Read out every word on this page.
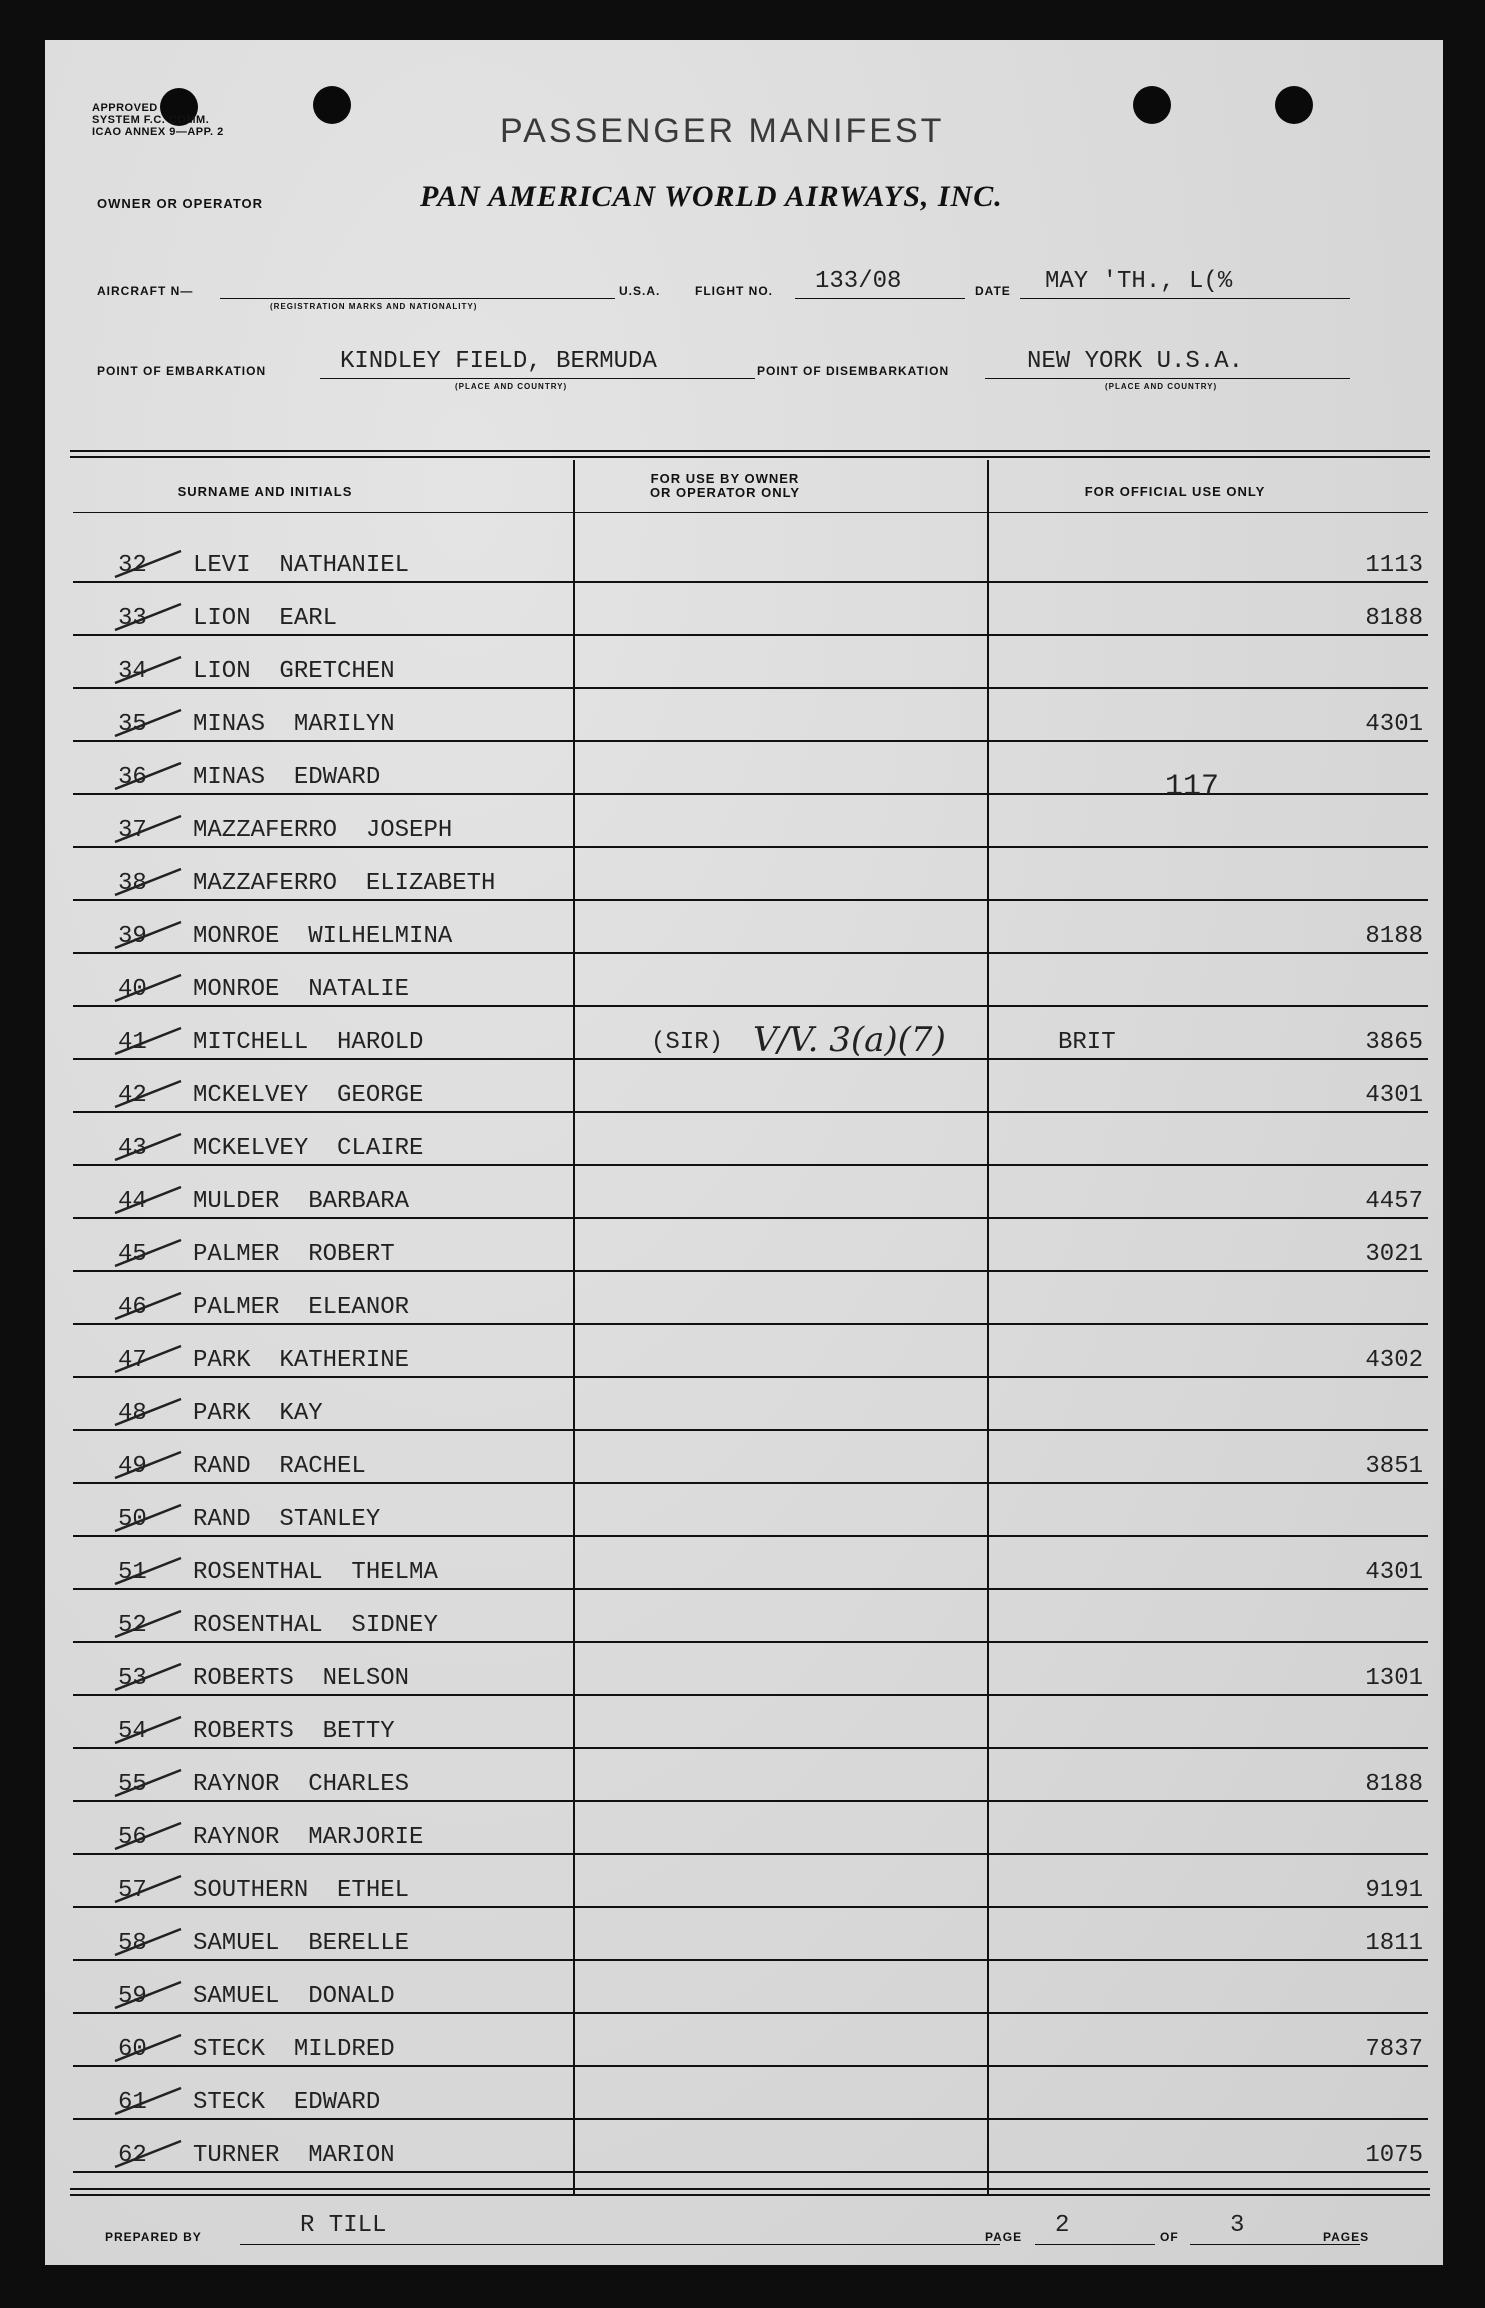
APPROVED
SYSTEM F.C. COMM.
ICAO ANNEX 9—APP. 2	PASSENGER MANIFEST
OWNER OR OPERATOR	PAN AMERICAN WORLD AIRWAYS, INC.
AIRCRAFT N—
(REGISTRATION MARKS AND NATIONALITY)
U.S.A.	FLIGHT NO. 133/08	DATE MAY 'TH., L(%
POINT OF EMBARKATION	KINDLEY FIELD, BERMUDA
(PLACE AND COUNTRY)
POINT OF DISEMBARKATION	NEW YORK U.S.A.
(PLACE AND COUNTRY)
SURNAME AND INITIALS
FOR USE BY OWNER
OR OPERATOR ONLY	FOR OFFICIAL USE ONLY
32 LEVI  NATHANIEL	1113
33 LION  EARL	8188
34 LION  GRETCHEN
35 MINAS  MARILYN	4301
36 MINAS  EDWARD
37 MAZZAFERRO  JOSEPH
38 MAZZAFERRO  ELIZABETH
39 MONROE  WILHELMINA	8188
40 MONROE  NATALIE
41 MITCHELL  HAROLD	(SIR) V/V. 3(a)(7)	BRIT	3865
42 MCKELVEY  GEORGE	4301
43 MCKELVEY  CLAIRE
44 MULDER  BARBARA	4457
45 PALMER  ROBERT	3021
46 PALMER  ELEANOR
47 PARK  KATHERINE	4302
48 PARK  KAY
49 RAND  RACHEL	3851
50 RAND  STANLEY
51 ROSENTHAL  THELMA	4301
52 ROSENTHAL  SIDNEY
53 ROBERTS  NELSON	1301
54 ROBERTS  BETTY
55 RAYNOR  CHARLES	8188
56 RAYNOR  MARJORIE
57 SOUTHERN  ETHEL	9191
58 SAMUEL  BERELLE	1811
59 SAMUEL  DONALD
60 STECK  MILDRED	7837
61 STECK  EDWARD
62 TURNER  MARION	1075
117
PREPARED BY	R TILL	PAGE 2	OF 3	PAGES
